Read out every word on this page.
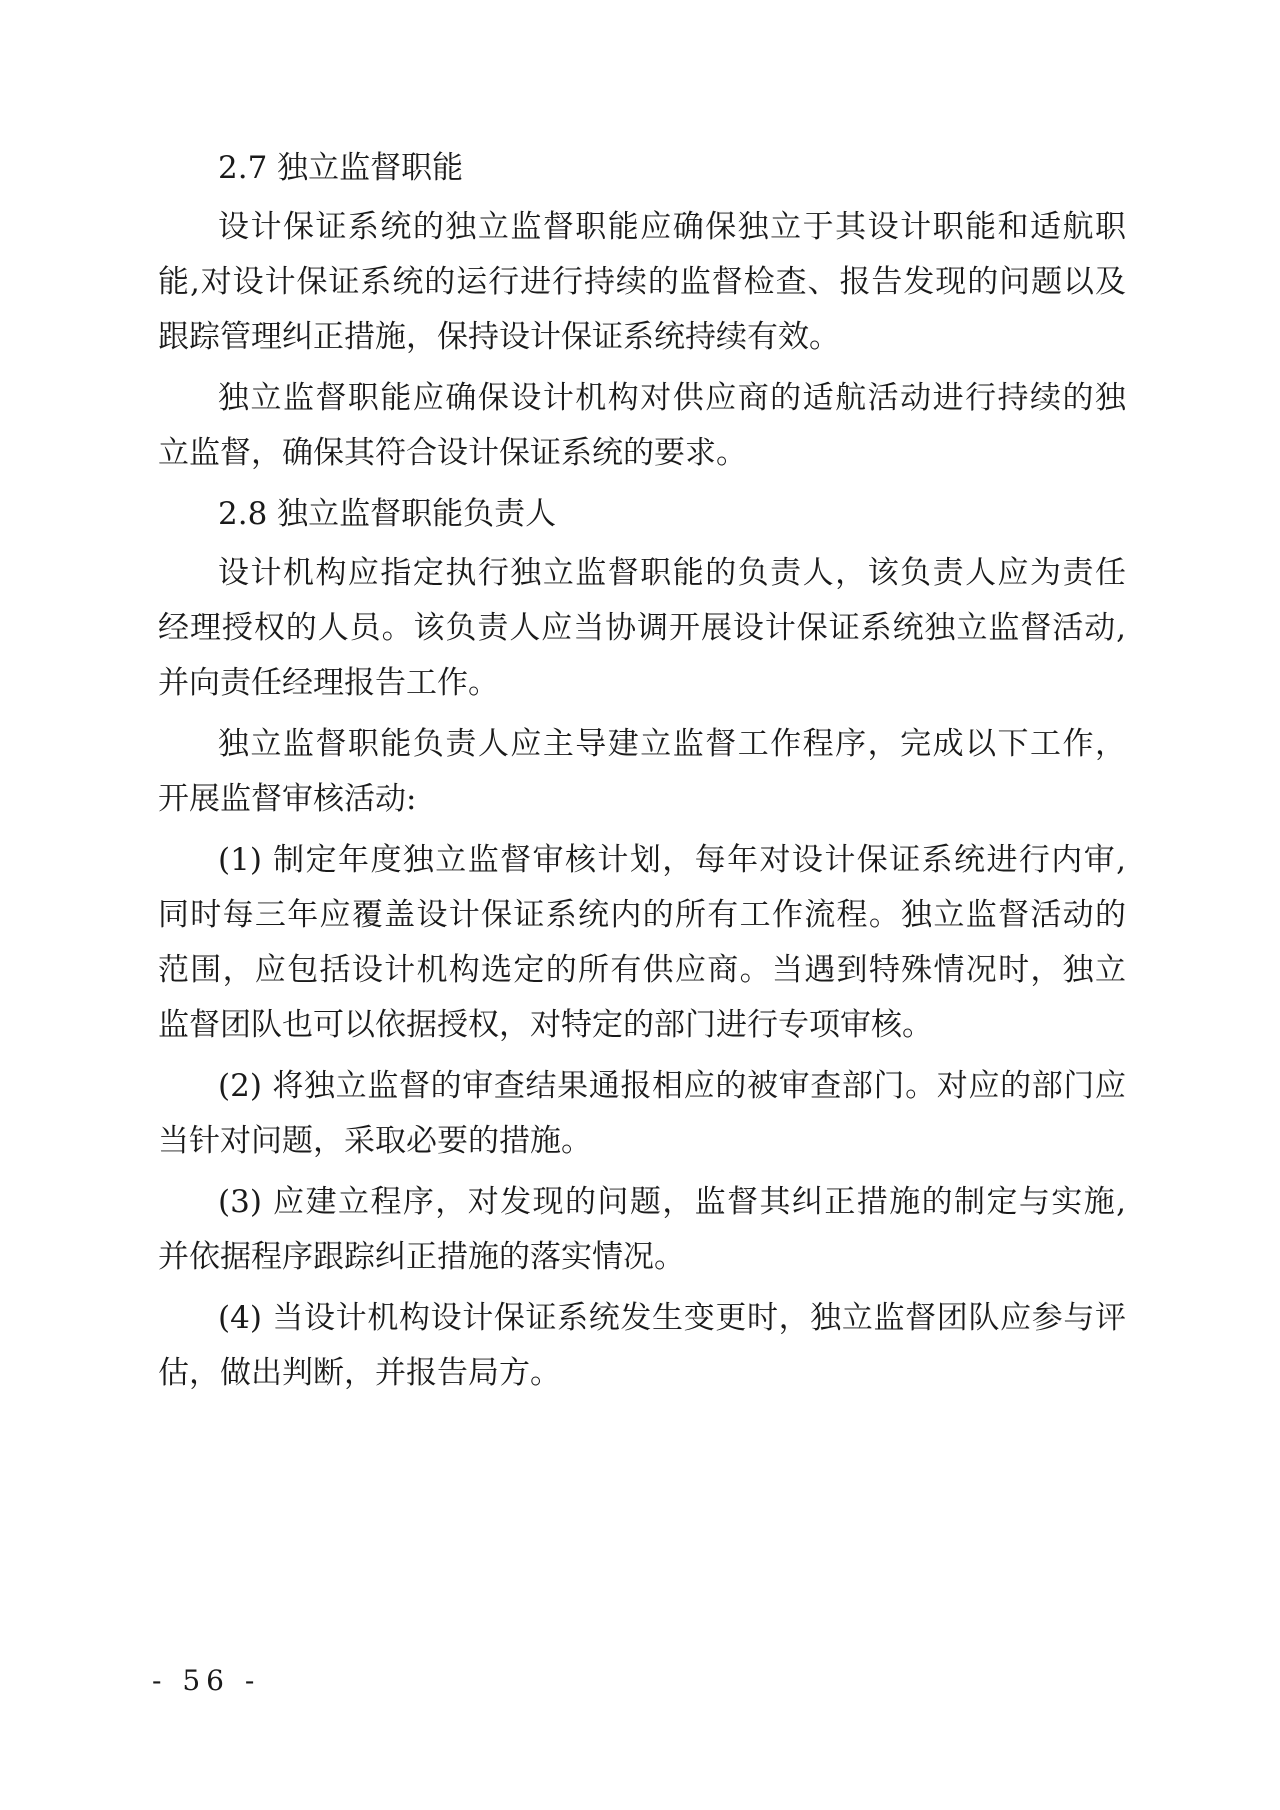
2.7 独立监督职能
设计保证系统的独立监督职能应确保独立于其设计职能和适航职
能,对设计保证系统的运行进行持续的监督检查、报告发现的问题以及
跟踪管理纠正措施，保持设计保证系统持续有效。
独立监督职能应确保设计机构对供应商的适航活动进行持续的独
立监督，确保其符合设计保证系统的要求。
2.8 独立监督职能负责人
设计机构应指定执行独立监督职能的负责人，该负责人应为责任
经理授权的人员。该负责人应当协调开展设计保证系统独立监督活动,
并向责任经理报告工作。
独立监督职能负责人应主导建立监督工作程序，完成以下工作，
开展监督审核活动:
(1) 制定年度独立监督审核计划，每年对设计保证系统进行内审,
同时每三年应覆盖设计保证系统内的所有工作流程。独立监督活动的
范围，应包括设计机构选定的所有供应商。当遇到特殊情况时，独立
监督团队也可以依据授权，对特定的部门进行专项审核。
(2) 将独立监督的审查结果通报相应的被审查部门。对应的部门应
当针对问题，采取必要的措施。
(3) 应建立程序，对发现的问题，监督其纠正措施的制定与实施,
并依据程序跟踪纠正措施的落实情况。
(4) 当设计机构设计保证系统发生变更时，独立监督团队应参与评
估，做出判断，并报告局方。
- 56 -
